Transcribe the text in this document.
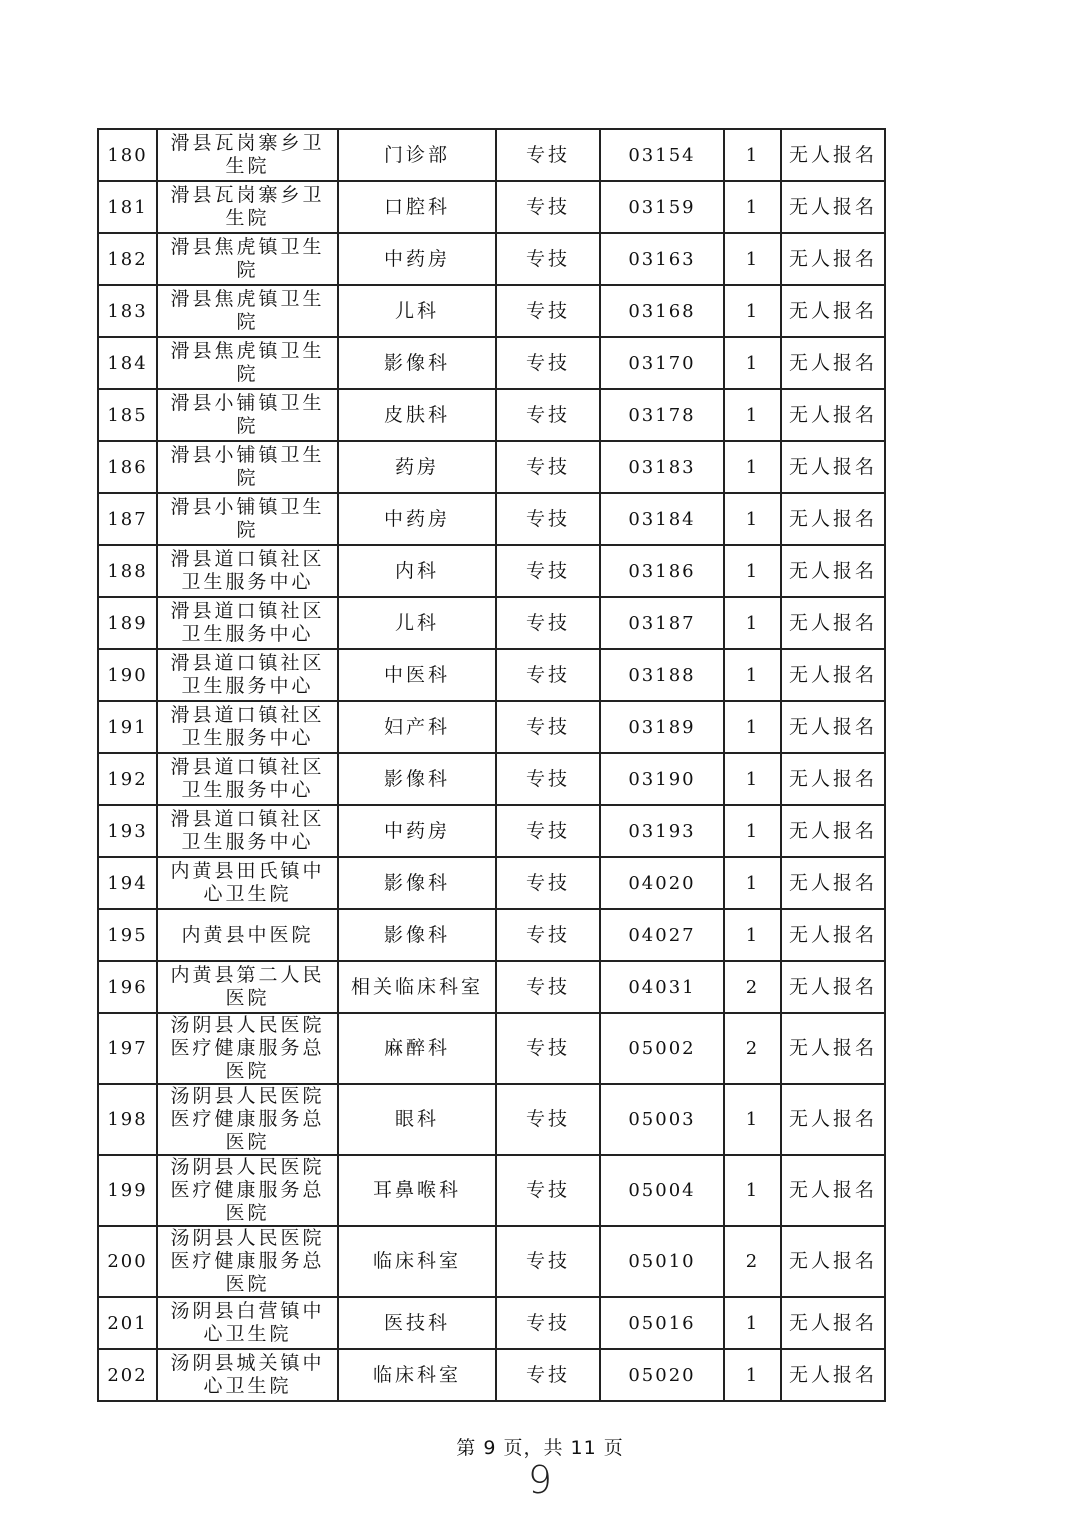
180	滑县瓦岗寨乡卫生院	门诊部	专技	03154	1	无人报名
181	滑县瓦岗寨乡卫生院	口腔科	专技	03159	1	无人报名
182	滑县焦虎镇卫生院	中药房	专技	03163	1	无人报名
183	滑县焦虎镇卫生院	儿科	专技	03168	1	无人报名
184	滑县焦虎镇卫生院	影像科	专技	03170	1	无人报名
185	滑县小铺镇卫生院	皮肤科	专技	03178	1	无人报名
186	滑县小铺镇卫生院	药房	专技	03183	1	无人报名
187	滑县小铺镇卫生院	中药房	专技	03184	1	无人报名
188	滑县道口镇社区卫生服务中心	内科	专技	03186	1	无人报名
189	滑县道口镇社区卫生服务中心	儿科	专技	03187	1	无人报名
190	滑县道口镇社区卫生服务中心	中医科	专技	03188	1	无人报名
191	滑县道口镇社区卫生服务中心	妇产科	专技	03189	1	无人报名
192	滑县道口镇社区卫生服务中心	影像科	专技	03190	1	无人报名
193	滑县道口镇社区卫生服务中心	中药房	专技	03193	1	无人报名
194	内黄县田氏镇中心卫生院	影像科	专技	04020	1	无人报名
195	内黄县中医院	影像科	专技	04027	1	无人报名
196	内黄县第二人民医院	相关临床科室	专技	04031	2	无人报名
197	汤阴县人民医院医疗健康服务总医院	麻醉科	专技	05002	2	无人报名
198	汤阴县人民医院医疗健康服务总医院	眼科	专技	05003	1	无人报名
199	汤阴县人民医院医疗健康服务总医院	耳鼻喉科	专技	05004	1	无人报名
200	汤阴县人民医院医疗健康服务总医院	临床科室	专技	05010	2	无人报名
201	汤阴县白营镇中心卫生院	医技科	专技	05016	1	无人报名
202	汤阴县城关镇中心卫生院	临床科室	专技	05020	1	无人报名
第 9 页，共 11 页
9
